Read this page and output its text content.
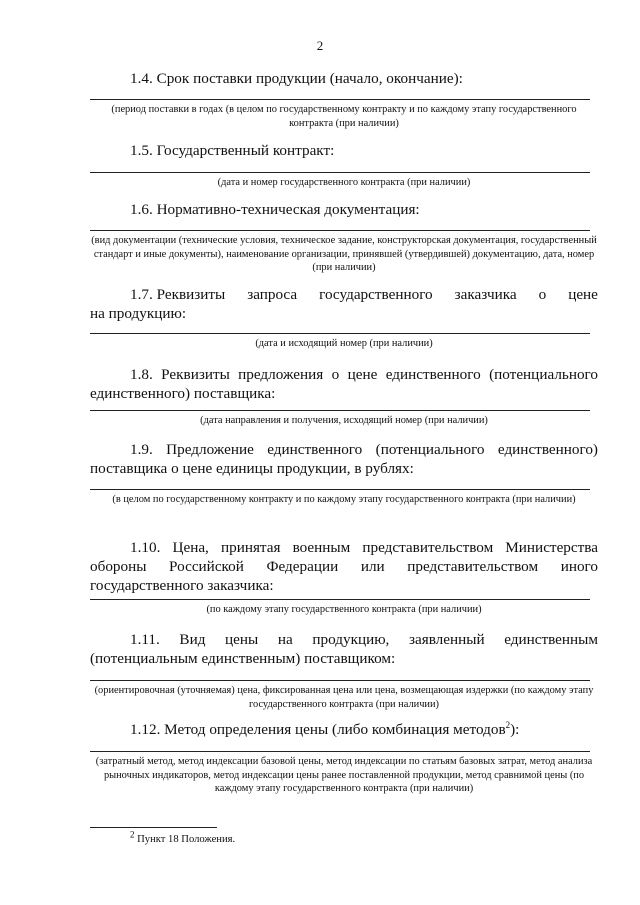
2
1.4. Срок поставки продукции (начало, окончание):
(период поставки в годах (в целом по государственному контракту и по каждому этапу государственного контракта (при наличии)
1.5. Государственный контракт:
(дата и номер государственного контракта (при наличии)
1.6. Нормативно-техническая документация:
(вид документации (технические условия, техническое задание, конструкторская документация, государственный стандарт и иные документы), наименование организации, принявшей (утвердившей) документацию, дата, номер (при наличии)
1.7. Реквизиты запроса государственного заказчика о цене
на продукцию:
(дата и исходящий номер (при наличии)
1.8. Реквизиты предложения о цене единственного (потенциального единственного) поставщика:
(дата направления и получения, исходящий номер (при наличии)
1.9. Предложение единственного (потенциального единственного) поставщика о цене единицы продукции, в рублях:
(в целом по государственному контракту и по каждому этапу государственного контракта (при наличии)
1.10. Цена, принятая военным представительством Министерства обороны Российской Федерации или представительством иного государственного заказчика:
(по каждому этапу государственного контракта (при наличии)
1.11. Вид цены на продукцию, заявленный единственным (потенциальным единственным) поставщиком:
(ориентировочная (уточняемая) цена, фиксированная цена или цена, возмещающая издержки (по каждому этапу государственного контракта (при наличии)
1.12. Метод определения цены (либо комбинация методов$^2$):
(затратный метод, метод индексации базовой цены, метод индексации по статьям базовых затрат, метод анализа рыночных индикаторов, метод индексации цены ранее поставленной продукции, метод сравнимой цены (по каждому этапу государственного контракта (при наличии)
$^2$ Пункт 18 Положения.
